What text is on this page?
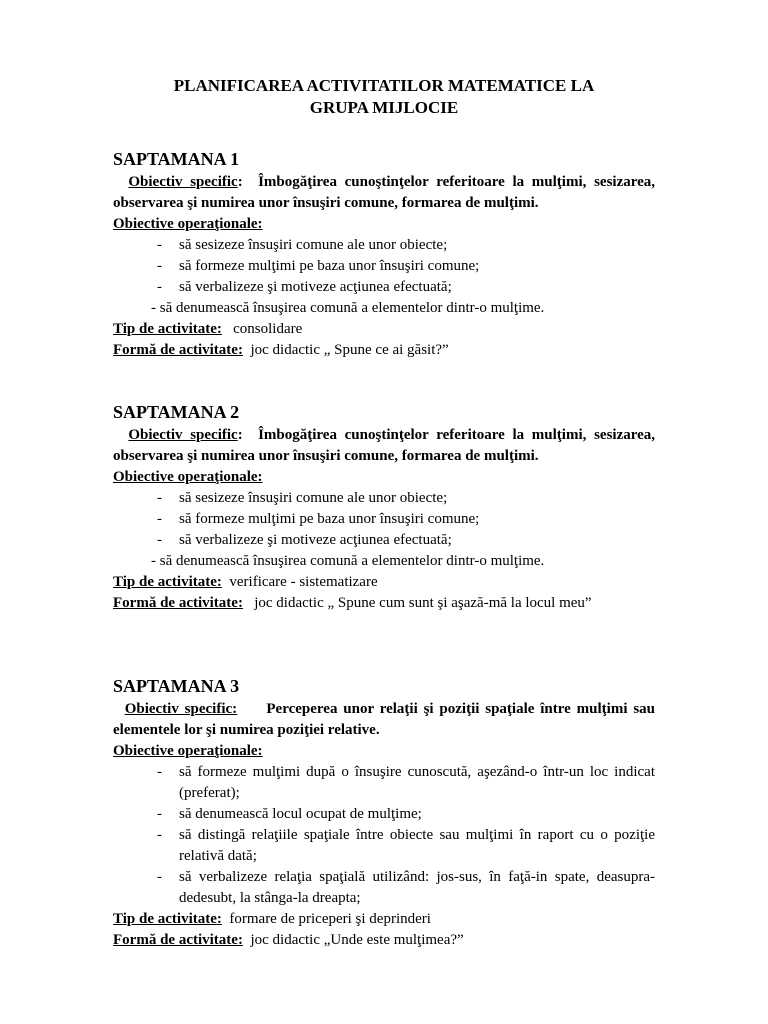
PLANIFICAREA ACTIVITATILOR MATEMATICE LA
GRUPA MIJLOCIE
SAPTAMANA 1
Obiectiv specific: Îmbogăţirea cunoştinţelor referitoare la mulţimi, sesizarea, observarea şi numirea unor însuşiri comune, formarea de mulţimi.
Obiective operaţionale:
- să sesizeze însuşiri comune ale unor obiecte;
- să formeze mulţimi pe baza unor însuşiri comune;
- să verbalizeze şi motiveze acţiunea efectuată;
- să denumească însuşirea comună a elementelor dintr-o mulţime.
Tip de activitate: consolidare
Formă de activitate: joc didactic „ Spune ce ai găsit?”
SAPTAMANA 2
Obiectiv specific: Îmbogăţirea cunoştinţelor referitoare la mulţimi, sesizarea, observarea şi numirea unor însuşiri comune, formarea de mulţimi.
Obiective operaţionale:
- să sesizeze însuşiri comune ale unor obiecte;
- să formeze mulţimi pe baza unor însuşiri comune;
- să verbalizeze şi motiveze acţiunea efectuată;
- să denumească însuşirea comună a elementelor dintr-o mulţime.
Tip de activitate: verificare - sistematizare
Formă de activitate: joc didactic „ Spune cum sunt şi aşază-mă la locul meu”
SAPTAMANA 3
Obiectiv specific: Perceperea unor relaţii şi poziţii spaţiale între mulţimi sau elementele lor şi numirea poziţiei relative.
Obiective operaţionale:
- să formeze mulţimi după o însuşire cunoscută, aşezând-o într-un loc indicat (preferat);
- să denumească locul ocupat de mulţime;
- să distingă relaţiile spaţiale între obiecte sau mulţimi în raport cu o poziţie relativă dată;
- să verbalizeze relaţia spaţială utilizând: jos-sus, în faţă-in spate, deasupra-dedesubt, la stânga-la dreapta;
Tip de activitate: formare de priceperi şi deprinderi
Formă de activitate: joc didactic „Unde este mulţimea?”
